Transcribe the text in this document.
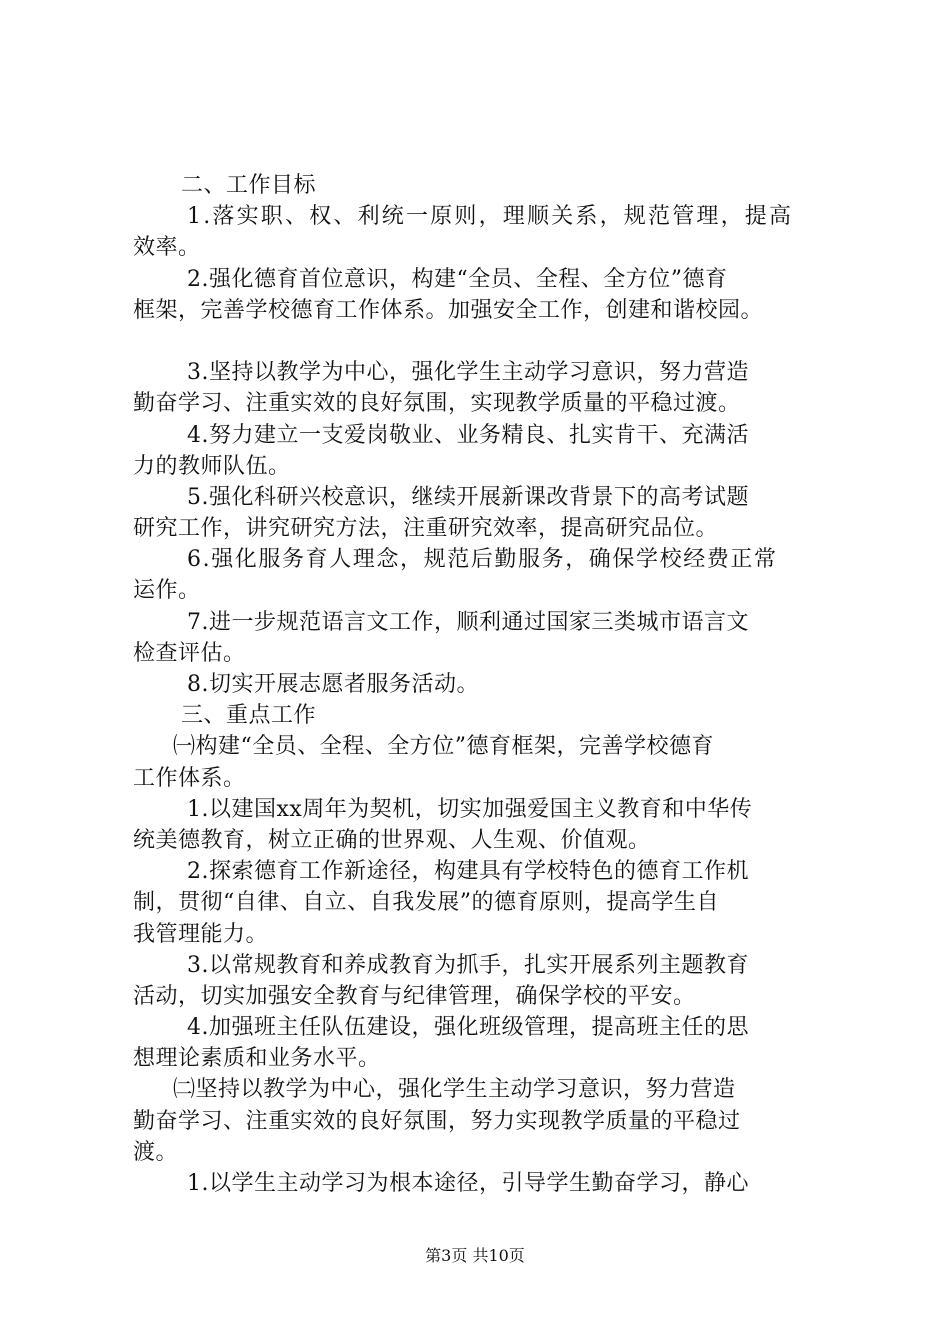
二、工作目标
1.落实职、权、利统一原则，理顺关系，规范管理，提高
效率。
2.强化德育首位意识，构建“全员、全程、全方位”德育
框架，完善学校德育工作体系。加强安全工作，创建和谐校园。
3.坚持以教学为中心，强化学生主动学习意识，努力营造
勤奋学习、注重实效的良好氛围，实现教学质量的平稳过渡。
4.努力建立一支爱岗敬业、业务精良、扎实肯干、充满活
力的教师队伍。
5.强化科研兴校意识，继续开展新课改背景下的高考试题
研究工作，讲究研究方法，注重研究效率，提高研究品位。
6.强化服务育人理念，规范后勤服务，确保学校经费正常
运作。
7.进一步规范语言文工作，顺利通过国家三类城市语言文
检查评估。
8.切实开展志愿者服务活动。
三、重点工作
㈠构建“全员、全程、全方位”德育框架，完善学校德育
工作体系。
1.以建国xx周年为契机，切实加强爱国主义教育和中华传
统美德教育，树立正确的世界观、人生观、价值观。
2.探索德育工作新途径，构建具有学校特色的德育工作机
制，贯彻“自律、自立、自我发展”的德育原则，提高学生自
我管理能力。
3.以常规教育和养成教育为抓手，扎实开展系列主题教育
活动，切实加强安全教育与纪律管理，确保学校的平安。
4.加强班主任队伍建设，强化班级管理，提高班主任的思
想理论素质和业务水平。
㈡坚持以教学为中心，强化学生主动学习意识，努力营造
勤奋学习、注重实效的良好氛围，努力实现教学质量的平稳过
渡。
1.以学生主动学习为根本途径，引导学生勤奋学习，静心
第3页 共10页
